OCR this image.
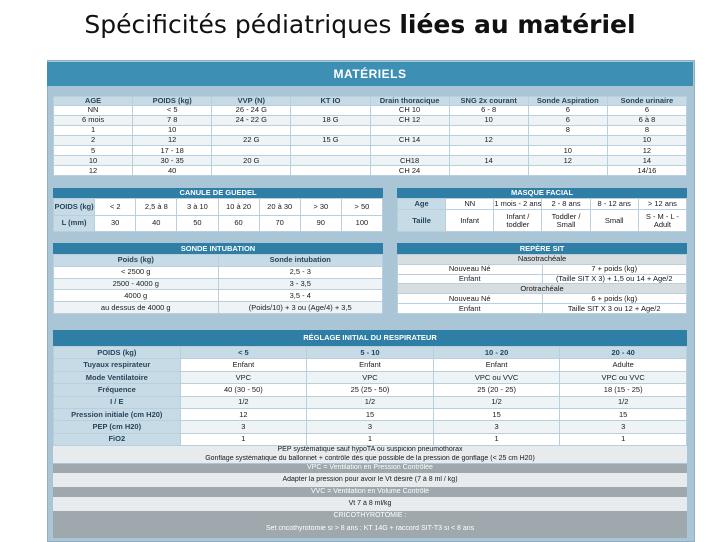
Spécificités pédiatriques liées au matériel
MATÉRIELS
AGE	POIDS (kg)	VVP (N)	KT IO	Drain thoracique	SNG 2x courant	Sonde Aspiration	Sonde urinaire
NN	< 5	26 - 24 G		CH 10	6 - 8	6	6
6 mois	7 8	24 - 22 G	18 G	CH 12	10	6	6 à 8
1	10					8	8
2	12	22 G	15 G	CH 14	12		10
5	17 - 18					10	12
10	30 - 35	20 G		CH18	14	12	14
12	40			CH 24			14/16
CANULE DE GUEDEL
POIDS (kg)	< 2	2,5 à 8	3 à 10	10 à 20	20 à 30	> 30	> 50
L (mm)	30	40	50	60	70	90	100
MASQUE FACIAL
Age	NN	1 mois - 2 ans	2 - 8 ans	8 - 12 ans	> 12 ans
Taille	Infant	Infant / toddler	Toddler / Small	Small	S - M - L - Adult
SONDE INTUBATION
Poids (kg)	Sonde intubation
< 2500 g	2,5 - 3
2500 - 4000 g	3 - 3,5
4000 g	3,5 - 4
au dessus de 4000 g	(Poids/10) + 3 ou (Age/4) + 3,5
REPÈRE SIT
Nasotrachéale	
Nouveau Né	7 + poids (kg)
Enfant	(Taille SIT X 3) + 1,5 ou 14 + Age/2
Orotrachéale	
Nouveau Né	6 + poids (kg)
Enfant	Taille SIT X 3 ou 12 + Age/2
RÉGLAGE INITIAL DU RESPIRATEUR
POIDS (kg)	< 5	5 - 10	10 - 20	20 - 40
Tuyaux respirateur	Enfant	Enfant	Enfant	Adulte
Mode Ventilatoire	VPC	VPC	VPC ou VVC	VPC ou VVC
Fréquence	40 (30 - 50)	25 (25 - 50)	25 (20 - 25)	18 (15 - 25)
I / E	1/2	1/2	1/2	1/2
Pression initiale (cm H20)	12	15	15	15
PEP (cm H20)	3	3	3	3
FiO2	1	1	1	1
PEP systématique sauf hypoTA ou suspicion pneumothorax
Gonflage systématique du ballonnet + contrôle dès que possible de la pression de gonflage (< 25 cm H20)
VPC = Ventilation en Pression Contrôlée
Adapter la pression pour avoir le Vt désiré (7 à 8 ml / kg)
VVC = Ventilation en Volume Contrôlé
Vt 7 à 8 ml/kg
CRICOTHYROTOMIE :
Set cricothyrotomie si > 8 ans : KT 14G + raccord SIT-T3 si < 8 ans
